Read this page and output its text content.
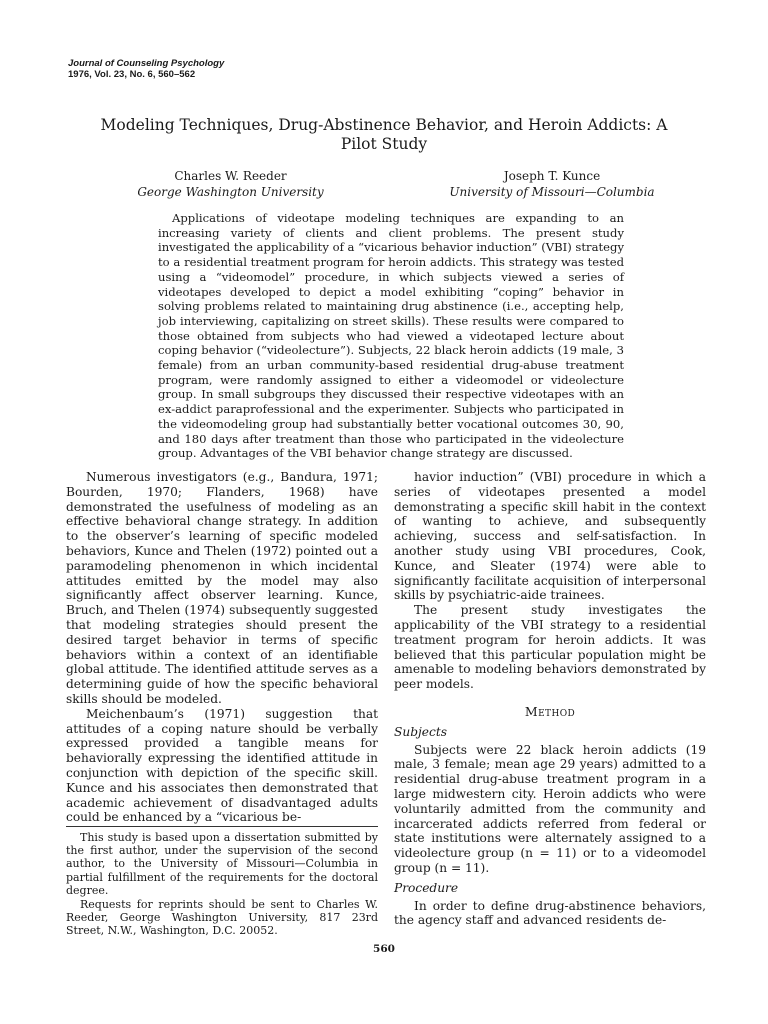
Journal of Counseling Psychology
1976, Vol. 23, No. 6, 560–562
Modeling Techniques, Drug-Abstinence Behavior, and Heroin Addicts: A Pilot Study
Charles W. Reeder
George Washington University
Joseph T. Kunce
University of Missouri—Columbia

Applications of videotape modeling techniques are expanding to an increasing variety of clients and client problems. The present study investigated the applicability of a “vicarious behavior induction” (VBI) strategy to a residential treatment program for heroin addicts. This strategy was tested using a “videomodel” procedure, in which subjects viewed a series of videotapes developed to depict a model exhibiting “coping” behavior in solving problems related to maintaining drug abstinence (i.e., accepting help, job interviewing, capitalizing on street skills). These results were compared to those obtained from subjects who had viewed a videotaped lecture about coping behavior (“videolecture”). Subjects, 22 black heroin addicts (19 male, 3 female) from an urban community-based residential drug-abuse treatment program, were randomly assigned to either a videomodel or videolecture group. In small subgroups they discussed their respective videotapes with an ex-addict paraprofessional and the experimenter. Subjects who participated in the videomodeling group had substantially better vocational outcomes 30, 90, and 180 days after treatment than those who participated in the videolecture group. Advantages of the VBI behavior change strategy are discussed.

Numerous investigators (e.g., Bandura, 1971; Bourden, 1970; Flanders, 1968) have demonstrated the usefulness of modeling as an effective behavioral change strategy. In addition to the observer’s learning of specific modeled behaviors, Kunce and Thelen (1972) pointed out a paramodeling phenomenon in which incidental attitudes emitted by the model may also significantly affect observer learning. Kunce, Bruch, and Thelen (1974) subsequently suggested that modeling strategies should present the desired target behavior in terms of specific behaviors within a context of an identifiable global attitude. The identified attitude serves as a determining guide of how the specific behavioral skills should be modeled.

Meichenbaum’s (1971) suggestion that attitudes of a coping nature should be verbally expressed provided a tangible means for behaviorally expressing the identified attitude in conjunction with depiction of the specific skill. Kunce and his associates then demonstrated that academic achievement of disadvantaged adults could be enhanced by a “vicarious be-

This study is based upon a dissertation submitted by the first author, under the supervision of the second author, to the University of Missouri—Columbia in partial fulfillment of the requirements for the doctoral degree.

Requests for reprints should be sent to Charles W. Reeder, George Washington University, 817 23rd Street, N.W., Washington, D.C. 20052.

havior induction” (VBI) procedure in which a series of videotapes presented a model demonstrating a specific skill habit in the context of wanting to achieve, and subsequently achieving, success and self-satisfaction. In another study using VBI procedures, Cook, Kunce, and Sleater (1974) were able to significantly facilitate acquisition of interpersonal skills by psychiatric-aide trainees.

The present study investigates the applicability of the VBI strategy to a residential treatment program for heroin addicts. It was believed that this particular population might be amenable to modeling behaviors demonstrated by peer models.

Method
Subjects

Subjects were 22 black heroin addicts (19 male, 3 female; mean age 29 years) admitted to a residential drug-abuse treatment program in a large midwestern city. Heroin addicts who were voluntarily admitted from the community and incarcerated addicts referred from federal or state institutions were alternately assigned to a videolecture group (n = 11) or to a videomodel group (n = 11).

Procedure

In order to define drug-abstinence behaviors, the agency staff and advanced residents de-

560
